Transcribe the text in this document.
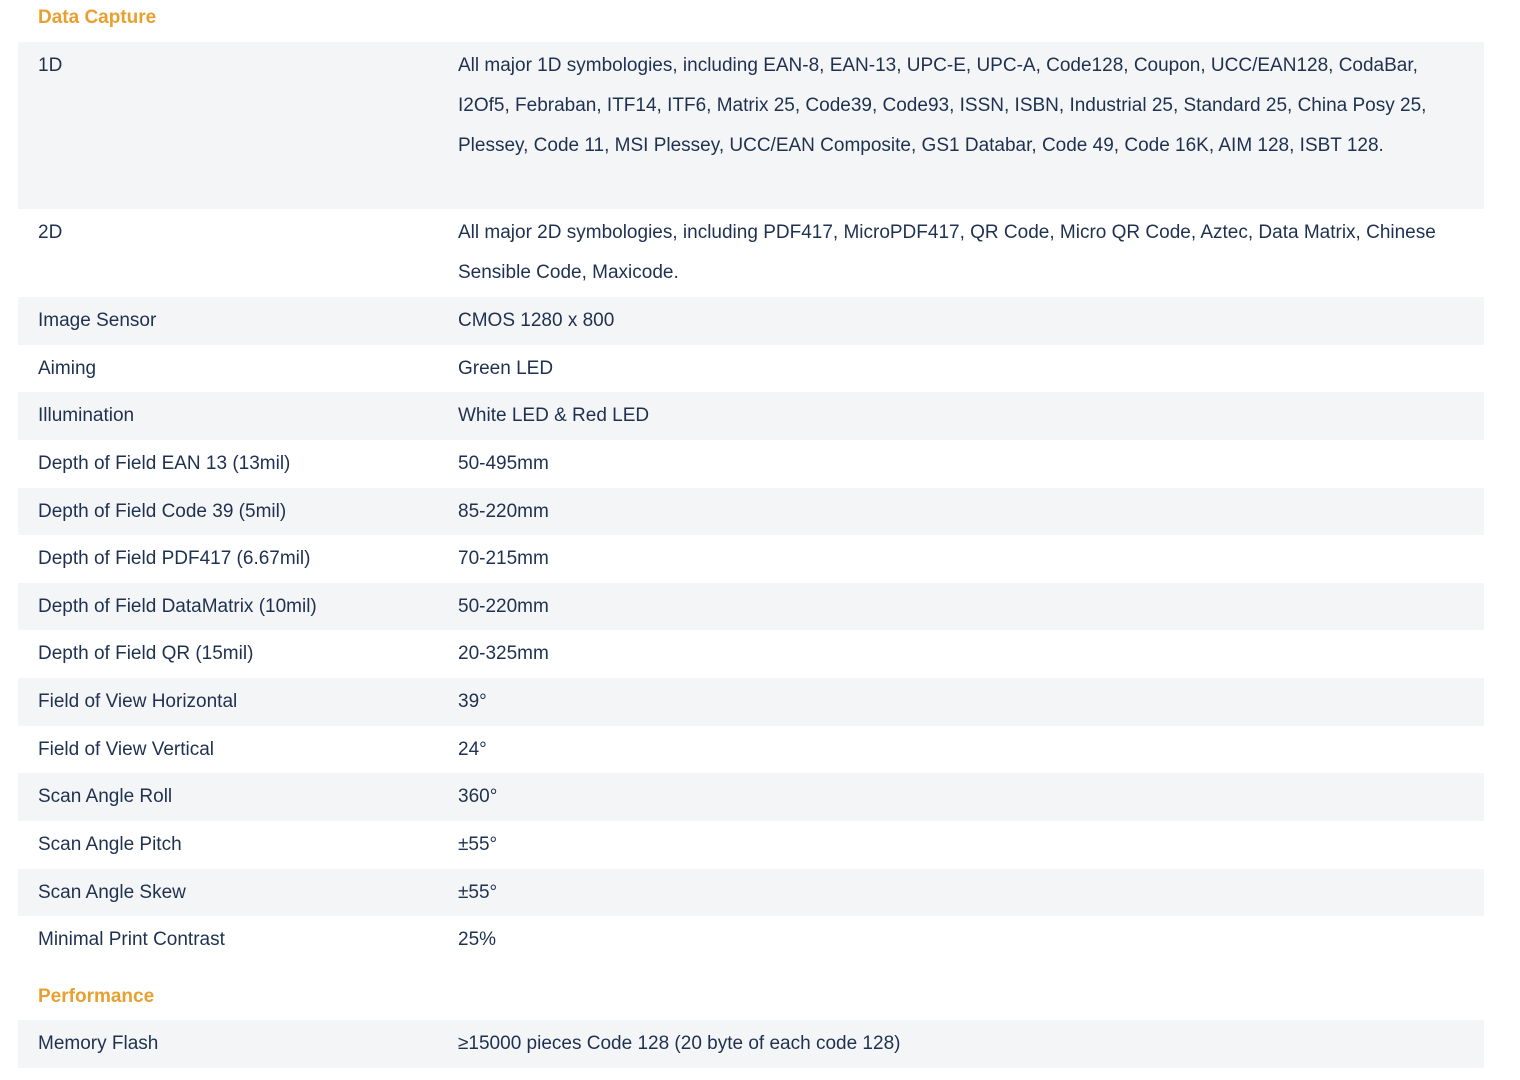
Data Capture
1D	All major 1D symbologies, including EAN-8, EAN-13, UPC-E, UPC-A, Code128, Coupon, UCC/EAN128, CodaBar, I2Of5, Febraban, ITF14, ITF6, Matrix 25, Code39, Code93, ISSN, ISBN, Industrial 25, Standard 25, China Posy 25, Plessey, Code 11, MSI Plessey, UCC/EAN Composite, GS1 Databar, Code 49, Code 16K, AIM 128, ISBT 128.
2D	All major 2D symbologies, including PDF417, MicroPDF417, QR Code, Micro QR Code, Aztec, Data Matrix, Chinese Sensible Code, Maxicode.
Image Sensor	CMOS 1280 x 800
Aiming	Green LED
Illumination	White LED & Red LED
Depth of Field EAN 13 (13mil)	50-495mm
Depth of Field Code 39 (5mil)	85-220mm
Depth of Field PDF417 (6.67mil)	70-215mm
Depth of Field DataMatrix (10mil)	50-220mm
Depth of Field QR (15mil)	20-325mm
Field of View Horizontal	39°
Field of View Vertical	24°
Scan Angle Roll	360°
Scan Angle Pitch	±55°
Scan Angle Skew	±55°
Minimal Print Contrast	25%
Performance
Memory Flash	≥15000 pieces Code 128 (20 byte of each code 128)
